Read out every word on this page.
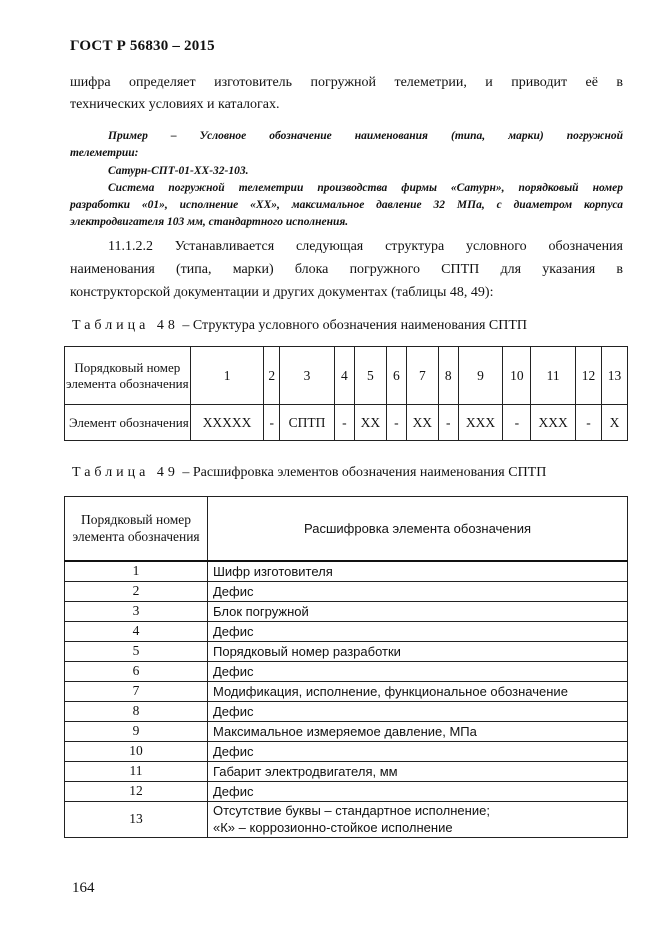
ГОСТ Р 56830 – 2015
шифра определяет изготовитель погружной телеметрии, и приводит её в
технических условиях и каталогах.
Пример – Условное обозначение наименования (типа, марки) погружной
телеметрии:
Сатурн-СПТ-01-ХХ-32-103.
Система погружной телеметрии производства фирмы «Сатурн», порядковый номер
разработки «01», исполнение «ХХ», максимальное давление 32 МПа, с диаметром корпуса
электродвигателя 103 мм, стандартного исполнения.
11.1.2.2 Устанавливается следующая структура условного обозначения
наименования (типа, марки) блока погружного СПТП для указания в
конструкторской документации и других документах (таблицы 48, 49):
Таблица 48 – Структура условного обозначения наименования СПТП
Порядковый номер элемента обозначения	1	2	3	4	5	6	7	8	9	10	11	12	13
Элемент обозначения	ХХХХХ	-	СПТП	-	ХХ	-	ХХ	-	ХХХ	-	ХХХ	-	Х
Таблица 49 – Расшифровка элементов обозначения наименования СПТП
Порядковый номер элемента обозначения	Расшифровка элемента обозначения
1	Шифр изготовителя
2	Дефис
3	Блок погружной
4	Дефис
5	Порядковый номер разработки
6	Дефис
7	Модификация, исполнение, функциональное обозначение
8	Дефис
9	Максимальное измеряемое давление, МПа
10	Дефис
11	Габарит электродвигателя, мм
12	Дефис
13	Отсутствие буквы – стандартное исполнение;
«К» – коррозионно-стойкое исполнение
164
